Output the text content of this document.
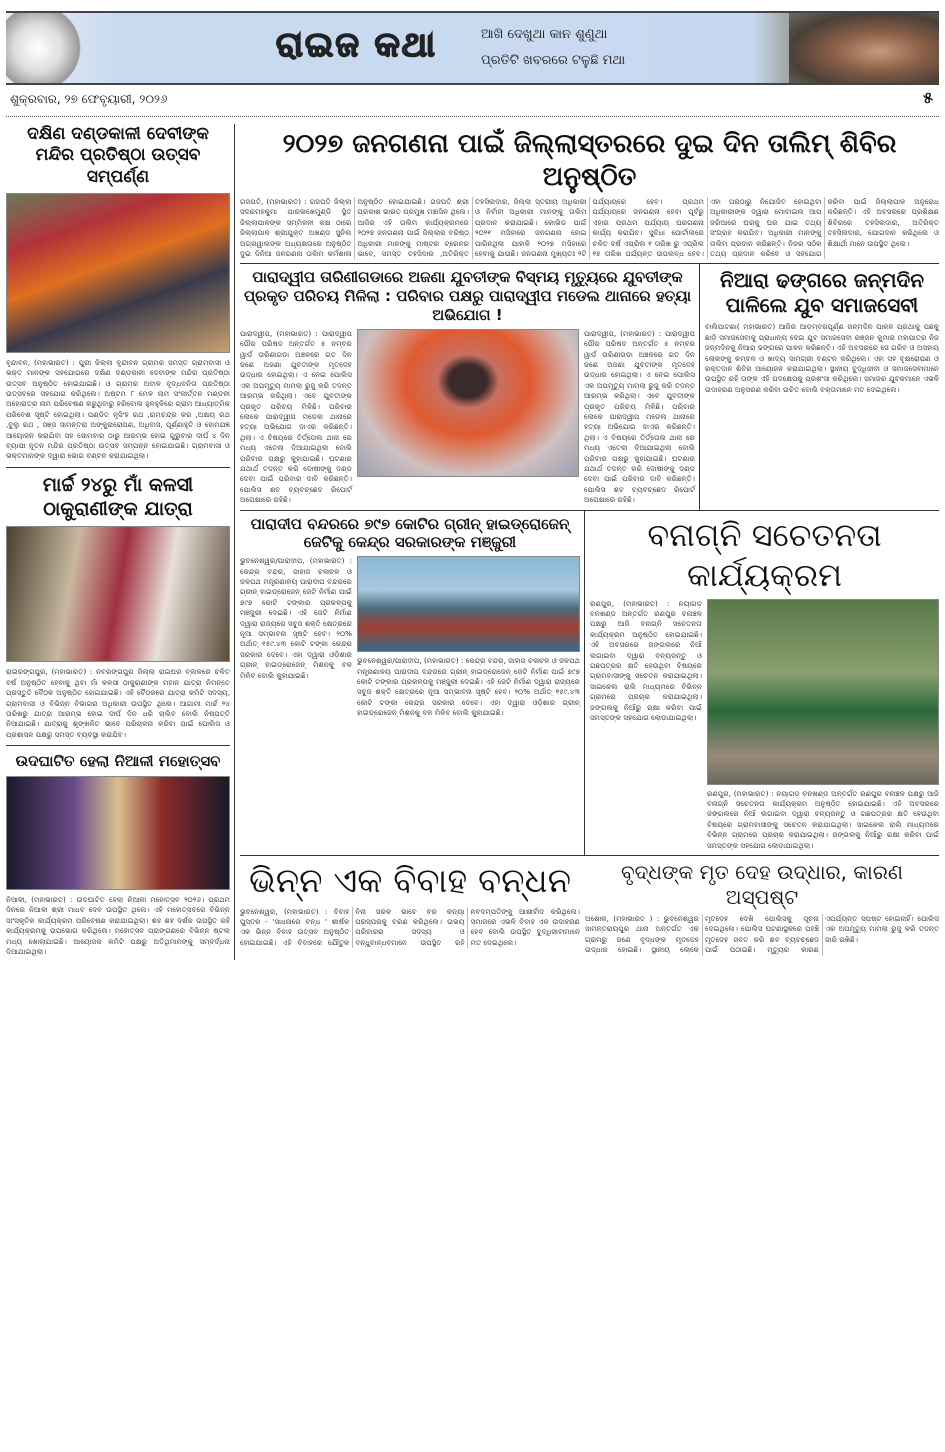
ରାଇଜ କଥା	ଆଖି ଦେଖୁଥା କାନ ଶୁଣୁଥା
ପ୍ରତିଟି ଖବରରେ ଟଳୁଛି ମଥା
ଶୁକ୍ରବାର, ୨୭ ଫେବୃୟାରୀ, ୨୦୨୬	୫
ଦକ୍ଷିଣ ଦଣ୍ଡକାଳୀ ଦେବୀଙ୍କ ମନ୍ଦିର ପ୍ରତିଷ୍ଠା ଉତ୍ସବ ସମ୍ପର୍ଣ୍ଣ
ବୃନ୍ଦାବନ, (ମହାଭାରତ) : ପୁରୀ ଜିଲ୍ଲା ବୃନ୍ଦାବନ ଗ୍ରାମର ସମସ୍ତ ଗ୍ରାମବାସୀ ଓ ଭକ୍ତ ମାନଙ୍କ ସହଯୋଗରେ ଦକ୍ଷିଣ ଦଣ୍ଡକାଳୀ ଦେବୀଙ୍କ ମନ୍ଦିର ପ୍ରତିଷ୍ଠା ଉତ୍ସବ ଅନୁଷ୍ଠିତ ହୋଇଯାଇଛି। ଓ ଗ୍ରାମର ଅବାଳ ବୃଦ୍ଧବନିତା ପ୍ରତିଷ୍ଠା ଉତ୍ସବରେ ସହଯୋଗ କରିଥିଲେ। ଅଷ୍ଟମ ୮ ମେଳ ନାମ ସଂକୀର୍ତ୍ତନ ମଣ୍ଡଳୀ ଅହୋରାତ୍ର ନାମ ପରିବେଷଣ କରୁଥିବାରୁ ହରିବୋଲ ହୁଳହୁଳିରେ ଗ୍ରାମ ଆଧ୍ୟାତ୍ମିକ ପରିବେଶ ସୃଷ୍ଟି ହୋଇଥିଲା। ପଣ୍ଡିତ ନୃସିଂହ ରଥ ,ରାମଚନ୍ଦ୍ର କର ,ଅକ୍ଷୟ ରଥ ,ବୁଲୁ ରଥ , ସଞ୍ଜ ସାମନ୍ତରା ଅଙ୍କୁରାରୋପଣ, ଅଧିବାସ, ପୂର୍ଣ୍ଣାହୁତି ଓ ହୋମଯଜ୍ଞ ଆୟୋଜନ କରାଯିବା ସହ ସୋମବାର ଠାରୁ ଆରମ୍ଭ ହୋଇ ଗୁରୁବାର ଦୀର୍ଘ ୪ ଦିନ ବ୍ୟାପୀ ନୂତନ ମନ୍ଦିର ପ୍ରତିଷ୍ଠା ଉତ୍ସବ ସମ୍ପନ୍ନ ହୋଇଯାଇଛି। ଗ୍ରାମବାସୀ ଓ ଭକ୍ତମାନଙ୍କ ଦ୍ୱାରା ଭୋଗ ବଣ୍ଟନ କରାଯାଇଥିଲା।
ମାର୍ଚ୍ଚ ୨୪ରୁ ମାଁ କଳସୀ ଠାକୁରାଣୀଙ୍କ ଯାତ୍ରା
ରାଇରଙ୍ଗପୁର, (ମହାଭାରତ) : ନବରଙ୍ଗପୁର ଜିଲ୍ଲା ରାଇଘର ବ୍ଲକରେ ଚଳିତ ବର୍ଷ ଅନୁଷ୍ଠିତ ହେବାକୁ ଥିବା ମାଁ କଳସୀ ଠାକୁରାଣୀଙ୍କ ମହାନ ଯାତ୍ରା ନିମନ୍ତେ ପ୍ରସ୍ତୁତି ବୈଠକ ଅନୁଷ୍ଠିତ ହୋଇଯାଇଛି। ଏହି ବୈଠକରେ ଯାତ୍ରା କମିଟି ସଦସ୍ୟ, ଗ୍ରାମବାସୀ ଓ ବିଭିନ୍ନ ବିଭାଗର ଅଧିକାରୀ ଉପସ୍ଥିତ ଥିଲେ। ଆଗାମୀ ମାର୍ଚ୍ଚ ୨୪ ତାରିଖରୁ ଯାତ୍ରା ଆରମ୍ଭ ହୋଇ ଦୀର୍ଘ ଦିନ ଧରି ଚାଲିବ ବୋଲି ନିଷ୍ପତ୍ତି ନିଆଯାଇଛି। ଯାତ୍ରାକୁ ଶୃଙ୍ଖଳିତ ଭାବେ ପରିଚାଳନା କରିବା ପାଇଁ ପୋଲିସ ଓ ପ୍ରଶାସନ ପକ୍ଷରୁ ସମସ୍ତ ବ୍ୟବସ୍ଥା କରାଯିବ।
ଉଦଘାଟିତ ହେଲା ନିଆଳୀ ମହୋତ୍ସବ
ନିଆଳୀ, (ମହାଭାରତ) : ଉଦଘାଟିତ ହେଲା ନିଆଳୀ ମହୋତ୍ସବ ୨୦୨୬। ପ୍ରଥମ ଦିନରେ ନିଆଳୀ ଶ୍ରୀ ମାଧବ ଦେବ ଉପସ୍ଥିତ ଥିଲେ। ଏହି ମହୋତ୍ସବରେ ବିଭିନ୍ନ ସାଂସ୍କୃତିକ କାର୍ଯ୍ୟକ୍ରମ ପରିବେଷଣ କରାଯାଇଥିଲା। ଶହ ଶହ ଦର୍ଶକ ଉପସ୍ଥିତ ରହି କାର୍ଯ୍ୟକ୍ରମକୁ ଉପଭୋଗ କରିଥିଲେ। ମହୋତ୍ସବ ପ୍ରାଙ୍ଗଣରେ ବିଭିନ୍ନ ଷ୍ଟଲ ମଧ୍ୟ ଖୋଲାଯାଇଛି। ଆୟୋଜକ କମିଟି ପକ୍ଷରୁ ଅତିଥିମାନଙ୍କୁ ସମ୍ବର୍ଦ୍ଧନା ଦିଆଯାଇଥିଲା।
୨୦୨୭ ଜନଗଣନା ପାଇଁ ଜିଲ୍ଲାସ୍ତରରେ ଦୁଇ ଦିନ ତାଲିମ୍ ଶିବିର ଅନୁଷ୍ଠିତ
ଗଜପତି, (ମହାଭାରତ) : ଗଜପତି ଜିଲ୍ଲା ସଦରମହକୁମା ପାରଳାଖେମୁଣ୍ଡି ସ୍ଥିତ ଜିଲ୍ଲାପାଳଙ୍କ ସମ୍ମିଳନୀ କକ୍ଷ ଠାରେ ଜିଲ୍ଲାପାଳ ଶ୍ରୀଯୁକ୍ତ ଅଖଣ୍ଡ ସୁନିଲ ଅଗ୍ରୱାଲଙ୍କ ଅଧ୍ୟକ୍ଷତାରେ ଅନୁଷ୍ଠିତ ଦୁଇ ଦିନିଆ ଜନଗଣନା ତାଲିମ କର୍ମଶାଳା ଅନୁଷ୍ଠିତ ହୋଇଯାଇଛି। ଗଜପତି ଶ୍ରୀ ପ୍ରକାଶ ଭାରତ ପ୍ରମୁଖ ମଞ୍ଚାସିନ ଥିଲେ। ଆଜିର ଏହି ତାଲିମ କାର୍ଯ୍ୟକ୍ରମରେ ୨୦୨୭ ଜନଗଣନା ପାଇଁ ଜିଲ୍ଲାର ବରିଷ୍ଠ ଅଧିକାରୀ ମାନଙ୍କୁ ମାଷ୍ଟର ଟ୍ରେନର ଭାବେ, ସମସ୍ତ ତହସିଦାର ,ଅତିରିକ୍ତ ତହସିଲଦାର, ଜିଲ୍ଲା ସ୍ତରୀୟ ଅଧିକାରୀ ଓ ନିର୍ବାହୀ ଅଧିକାରୀ ମାନଙ୍କୁ ତାଲିମ ପ୍ରଦାନ କରାଯାଇଛି। କୋଭିଡ ପାଇଁ ୨୦୨୧ ମସିହାରେ ଜନଗଣନା ହୋଇ ପାରିନଥିଲା ଯାହାକି ୨୦୨୭ ମସିହାରେ ହେବାକୁ ଯାଉଛି। ଜନଗଣନା ମୁଖ୍ୟତଃ ୨ଟି ପର୍ଯ୍ୟାୟରେ ହେବ। ପ୍ରଥମ ପର୍ଯ୍ୟାୟରେ ଜନଗଣନା ହେବା ପୂର୍ବରୁ ଏହାର ପ୍ରଥମ ପର୍ଯ୍ୟାୟ ଘରଗଣନା କାର୍ଯ୍ୟ କରାଯିବ। ସୁବିଧା ପୋର୍ଟାଲରେ ଚଳିତ ବର୍ଷ ଏପ୍ରିଲ ୧ ତାରିଖ ରୁ ଏପ୍ରିଲ ୧୫ ତାରିଖ ପର୍ଯ୍ୟନ୍ତ ଉପଲବ୍ଧ ହେବ। ଏହା ପରଠାରୁ ନିଯୋଜିତ ହୋଇଥିବା ଅଧିକାରୀଙ୍କ ଦ୍ୱାରା ମୋବାଇଲ ଆପ ଜରିଆରେ ଘରକୁ ଘର ଯାଇ ତଥ୍ୟ ସଂଗ୍ରହ କରାଯିବ। ଅଧିକାରୀ ମାନଙ୍କୁ ତାଲିମ ପ୍ରଦାନ କରିଛନ୍ତି। ନିଜର ସଠିକ ତଥ୍ୟ ପ୍ରଦାନ କରିବେ ଓ ସହଯୋଗ କରିବା ପାଇଁ ଜିଲ୍ଲାପାଳ ଅନୁରୋଧ କରିଛନ୍ତି। ଏହି ଅବସରରେ ପ୍ରଶିକ୍ଷଣ ଶିବିରରେ ତହସିଲଦାର, ଅତିରିକ୍ତ ତହସିଲଦାର, ଯୋଗଦାନ କରିଥିଲେ ଓ ଶିକ୍ଷାର୍ଥୀ ମାନେ ଉପସ୍ଥିତ ଥିଲେ।
ପାରାଦ୍ୱୀପ ତାରିଣୀଗଡାରେ ଅଜଣା ଯୁବତୀଙ୍କ ବିସ୍ମୟ ମୃତ୍ୟୁରେ ଯୁବତୀଙ୍କ ପ୍ରକୃତ ପରିଚୟ ମିଳିଲା : ପରିବାର ପକ୍ଷରୁ ପାରାଦ୍ୱୀପ ମଡେଲ ଥାନାରେ ହତ୍ୟା ଅଭିଯୋଗ !
ପାରାଦ୍ୱୀପ, (ମହାଭାରତ) : ପାରାଦ୍ୱୀପ ପୌର ପରିଷଦ ଅନ୍ତର୍ଗତ ୫ ନମ୍ବର ୱାର୍ଡ ତାରିଣୀଗଡା ଅଞ୍ଚଳରେ ଗତ ଦିନ ଜଣେ ଅଜଣା ଯୁବତୀଙ୍କ ମୃତଦେହ ଉଦ୍ଧାର ହୋଇଥିଲା। ଏ ନେଇ ପୋଲିସ ଏକ ଅପମୃତ୍ୟୁ ମାମଲା ରୁଜୁ କରି ତଦନ୍ତ ଆରମ୍ଭ କରିଥିଲା। ଏବେ ଯୁବତୀଙ୍କ ପ୍ରକୃତ ପରିଚୟ ମିଳିଛି। ପରିବାର ଲୋକେ ପାରାଦ୍ୱୀପ ମଡେଲ ଥାନାରେ ହତ୍ୟା ଅଭିଯୋଗ ଦାଏର କରିଛନ୍ତି। ଥିଲା। ଏ ବିଷୟରେ ତିର୍ତ୍ତୋଲ ଥାନା ରେ ମଧ୍ୟ ଏତେଲା ଦିଆଯାଇଥିଲା ବୋଲି ପରିବାର ପକ୍ଷରୁ କୁହାଯାଇଛି। ଘଟଣାର ଯଥାର୍ଥ ତଦନ୍ତ କରି ଦୋଷୀଙ୍କୁ ଦଣ୍ଡ ଦେବା ପାଇଁ ପରିବାର ଦାବି କରିଛନ୍ତି। ପୋଲିସ ଶବ ବ୍ୟବଚ୍ଛେଦ ରିପୋର୍ଟ ଅପେକ୍ଷାରେ ରହିଛି।
ପାରାଦ୍ୱୀପ, (ମହାଭାରତ) : ପାରାଦ୍ୱୀପ ପୌର ପରିଷଦ ଅନ୍ତର୍ଗତ ୫ ନମ୍ବର ୱାର୍ଡ ତାରିଣୀଗଡା ଅଞ୍ଚଳରେ ଗତ ଦିନ ଜଣେ ଅଜଣା ଯୁବତୀଙ୍କ ମୃତଦେହ ଉଦ୍ଧାର ହୋଇଥିଲା। ଏ ନେଇ ପୋଲିସ ଏକ ଅପମୃତ୍ୟୁ ମାମଲା ରୁଜୁ କରି ତଦନ୍ତ ଆରମ୍ଭ କରିଥିଲା। ଏବେ ଯୁବତୀଙ୍କ ପ୍ରକୃତ ପରିଚୟ ମିଳିଛି। ପରିବାର ଲୋକେ ପାରାଦ୍ୱୀପ ମଡେଲ ଥାନାରେ ହତ୍ୟା ଅଭିଯୋଗ ଦାଏର କରିଛନ୍ତି। ଥିଲା। ଏ ବିଷୟରେ ତିର୍ତ୍ତୋଲ ଥାନା ରେ ମଧ୍ୟ ଏତେଲା ଦିଆଯାଇଥିଲା ବୋଲି ପରିବାର ପକ୍ଷରୁ କୁହାଯାଇଛି। ଘଟଣାର ଯଥାର୍ଥ ତଦନ୍ତ କରି ଦୋଷୀଙ୍କୁ ଦଣ୍ଡ ଦେବା ପାଇଁ ପରିବାର ଦାବି କରିଛନ୍ତି। ପୋଲିସ ଶବ ବ୍ୟବଚ୍ଛେଦ ରିପୋର୍ଟ ଅପେକ୍ଷାରେ ରହିଛି।
ନିଆରା ଢଙ୍ଗରେ ଜନ୍ମଦିନ ପାଳିଲେ ଯୁବ ସମାଜସେବୀ
ବାଲିପାଟଣା( ମହାଭାରତ) ଆଜିର ଆଡ଼ମ୍ବରପୂର୍ଣ୍ଣ ଜନ୍ମଦିନ ପାଳନ ପ୍ରଥାକୁ ପଛକୁ ଛାଡ଼ି ସମାଜସେବାକୁ ପ୍ରାଧାନ୍ୟ ଦେଇ ଯୁବ ସମାଜସେବୀ ରଞ୍ଜନ କୁମାର ମହାପାତ୍ର ନିଜ ଜନ୍ମଦିନକୁ ନିଆରା ଢଙ୍ଗରେ ପାଳନ କରିଛନ୍ତି। ଏହି ଅବସରରେ ସେ ଗରିବ ଓ ଅସହାୟ ଲୋକଙ୍କୁ କମ୍ବଳ ଓ ଖାଦ୍ୟ ସାମଗ୍ରୀ ବଣ୍ଟନ କରିଥିଲେ। ଏହା ସହ ବୃକ୍ଷରୋପଣ ଓ ରକ୍ତଦାନ ଶିବିର ଆୟୋଜନ କରାଯାଇଥିଲା। ସ୍ଥାନୀୟ ବୁଦ୍ଧିଜୀବୀ ଓ ସମାଜସେବୀମାନେ ଉପସ୍ଥିତ ରହି ତାଙ୍କ ଏହି ପଦକ୍ଷେପକୁ ପ୍ରଶଂସା କରିଥିଲେ। ସମାଜର ଯୁବକମାନେ ଏଭଳି ଉଦାହରଣ ଅନୁସରଣ କରିବା ଉଚିତ ବୋଲି ବକ୍ତାମାନେ ମତ ଦେଇଥିଲେ।
ପାରାଦୀପ ବନ୍ଦରରେ ୭୯୭ କୋଟିର ଗ୍ରୀନ୍ ହାଇଡ୍ରୋଜେନ୍ ଜେଟିକୁ କେନ୍ଦ୍ର ସରକାରଙ୍କ ମଞ୍ଜୁରୀ
ଭୁବନେଶ୍ୱର/ପାରାଦୀପ, (ମହାଭାରତ) : କେନ୍ଦ୍ର ବନ୍ଦର, ଜାହାଜ ଚଳାଚଳ ଓ ଜଳପଥ ମନ୍ତ୍ରଣାଳୟ ପାରାଦୀପ ବନ୍ଦରରେ ଗ୍ରୀନ୍ ହାଇଡ୍ରୋଜେନ୍ ଜେଟି ନିର୍ମାଣ ପାଇଁ ୭୯୭ କୋଟି ଟଙ୍କାର ପ୍ରକଳ୍ପକୁ ମଞ୍ଜୁରୀ ଦେଇଛି। ଏହି ଜେଟି ନିର୍ମାଣ ଦ୍ୱାରା ରାଜ୍ୟରେ ସବୁଜ ଶକ୍ତି କ୍ଷେତ୍ରରେ ନୂଆ ସମ୍ଭାବନା ସୃଷ୍ଟି ହେବ। ୨୦% ଅର୍ଥାତ୍ ୧୫୯.୪୩ କୋଟି ଟଙ୍କା କେନ୍ଦ୍ର ସରକାର ଦେବେ। ଏହା ଦ୍ୱାରା ଓଡ଼ିଶାର ଗ୍ରୀନ୍ ହାଇଡ୍ରୋଜେନ୍ ମିଶନକୁ ବଳ ମିଳିବ ବୋଲି କୁହାଯାଇଛି।
ଭୁବନେଶ୍ୱର/ପାରାଦୀପ, (ମହାଭାରତ) : କେନ୍ଦ୍ର ବନ୍ଦର, ଜାହାଜ ଚଳାଚଳ ଓ ଜଳପଥ ମନ୍ତ୍ରଣାଳୟ ପାରାଦୀପ ବନ୍ଦରରେ ଗ୍ରୀନ୍ ହାଇଡ୍ରୋଜେନ୍ ଜେଟି ନିର୍ମାଣ ପାଇଁ ୭୯୭ କୋଟି ଟଙ୍କାର ପ୍ରକଳ୍ପକୁ ମଞ୍ଜୁରୀ ଦେଇଛି। ଏହି ଜେଟି ନିର୍ମାଣ ଦ୍ୱାରା ରାଜ୍ୟରେ ସବୁଜ ଶକ୍ତି କ୍ଷେତ୍ରରେ ନୂଆ ସମ୍ଭାବନା ସୃଷ୍ଟି ହେବ। ୨୦% ଅର୍ଥାତ୍ ୧୫୯.୪୩ କୋଟି ଟଙ୍କା କେନ୍ଦ୍ର ସରକାର ଦେବେ। ଏହା ଦ୍ୱାରା ଓଡ଼ିଶାର ଗ୍ରୀନ୍ ହାଇଡ୍ରୋଜେନ୍ ମିଶନକୁ ବଳ ମିଳିବ ବୋଲି କୁହାଯାଇଛି।
ବନାଗ୍ନି ସଚେତନତା କାର୍ଯ୍ୟକ୍ରମ
ରଣପୁର, (ମହାଭାରତ) : ନୟାଗଡ଼ ବନଖଣ୍ଡ ଅନ୍ତର୍ଗତ ରଣପୁର ବନାଞ୍ଚଳ ପକ୍ଷରୁ ଆଜି ବନାଗ୍ନି ସଚେତନତା କାର୍ଯ୍ୟକ୍ରମ ଅନୁଷ୍ଠିତ ହୋଇଯାଇଛି। ଏହି ଅବସରରେ ଜଙ୍ଗଲରେ ନିଆଁ ଲଗାଇବା ଦ୍ୱାରା ବନ୍ୟଜନ୍ତୁ ଓ ଗଛପତ୍ରର କ୍ଷତି ହେଉଥିବା ବିଷୟରେ ଗ୍ରାମବାସୀଙ୍କୁ ସଚେତନ କରାଯାଇଥିଲା। ସାଇକେଲ ରାଲି ମାଧ୍ୟମରେ ବିଭିନ୍ନ ଗ୍ରାମରେ ପ୍ରଚାର କରାଯାଇଥିଲା। ଜଙ୍ଗଲକୁ ନିଆଁରୁ ରକ୍ଷା କରିବା ପାଇଁ ସମସ୍ତଙ୍କ ସହଯୋଗ ଲୋଡ଼ାଯାଇଥିଲା।
ରଣପୁର, (ମହାଭାରତ) : ନୟାଗଡ଼ ବନଖଣ୍ଡ ଅନ୍ତର୍ଗତ ରଣପୁର ବନାଞ୍ଚଳ ପକ୍ଷରୁ ଆଜି ବନାଗ୍ନି ସଚେତନତା କାର୍ଯ୍ୟକ୍ରମ ଅନୁଷ୍ଠିତ ହୋଇଯାଇଛି। ଏହି ଅବସରରେ ଜଙ୍ଗଲରେ ନିଆଁ ଲଗାଇବା ଦ୍ୱାରା ବନ୍ୟଜନ୍ତୁ ଓ ଗଛପତ୍ରର କ୍ଷତି ହେଉଥିବା ବିଷୟରେ ଗ୍ରାମବାସୀଙ୍କୁ ସଚେତନ କରାଯାଇଥିଲା। ସାଇକେଲ ରାଲି ମାଧ୍ୟମରେ ବିଭିନ୍ନ ଗ୍ରାମରେ ପ୍ରଚାର କରାଯାଇଥିଲା। ଜଙ୍ଗଲକୁ ନିଆଁରୁ ରକ୍ଷା କରିବା ପାଇଁ ସମସ୍ତଙ୍କ ସହଯୋଗ ଲୋଡ଼ାଯାଇଥିଲା।
ଭିନ୍ନ ଏକ ବିବାହ ବନ୍ଧନ
ଭୁବନେଶ୍ୱର, (ମହାଭାରତ) : ବିବାହ ପୁସ୍ତକ - 'ସାଧନାରେ ବନ୍ଧ ' ଶୀର୍ଷକ ଏକ ଭିନ୍ନ ବିବାହ ଉତ୍ସବ ଅନୁଷ୍ଠିତ ହୋଇଯାଇଛି। ଏହି ବିବାହରେ ଯୌତୁକ ବିନା ସରଳ ଭାବେ ବର କନ୍ୟା ପରସ୍ପରକୁ ବରଣ କରିଥିଲେ। ଉଭୟ ପରିବାରର ସଦସ୍ୟ ଓ ବନ୍ଧୁବାନ୍ଧବମାନେ ଉପସ୍ଥିତ ରହି ନବଦମ୍ପତିଙ୍କୁ ଆଶୀର୍ବାଦ କରିଥିଲେ। ସମାଜରେ ଏଭଳି ବିବାହ ଏକ ଉଦାହରଣ ହେବ ବୋଲି ଉପସ୍ଥିତ ବୁଦ୍ଧିଜୀବୀମାନେ ମତ ଦେଇଥିଲେ।
ବୃଦ୍ଧଙ୍କ ମୃତ ଦେହ ଉଦ୍ଧାର, କାରଣ ଅସ୍ପଷ୍ଟ
ଅଶୋକ, (ମହାଭାରତ ) : ଭୁବନେଶ୍ୱର ସାମନ୍ତରାୟପୁର ଥାନା ଅନ୍ତର୍ଗତ ଏକ ଗ୍ରାମରୁ ଜଣେ ବୃଦ୍ଧଙ୍କ ମୃତଦେହ ଉଦ୍ଧାର ହୋଇଛି। ସ୍ଥାନୀୟ ଲୋକେ ମୃତଦେହ ଦେଖି ପୋଲିସକୁ ସୂଚନା ଦେଇଥିଲେ। ପୋଲିସ ଘଟଣାସ୍ଥଳରେ ପହଞ୍ଚି ମୃତଦେହ ଜବତ କରି ଶବ ବ୍ୟବଚ୍ଛେଦ ପାଇଁ ପଠାଇଛି। ମୃତ୍ୟୁର କାରଣ ଏପର୍ଯ୍ୟନ୍ତ ସ୍ପଷ୍ଟ ହୋଇନାହିଁ। ପୋଲିସ ଏକ ଅପମୃତ୍ୟୁ ମାମଲା ରୁଜୁ କରି ତଦନ୍ତ ଜାରି ରଖିଛି।
